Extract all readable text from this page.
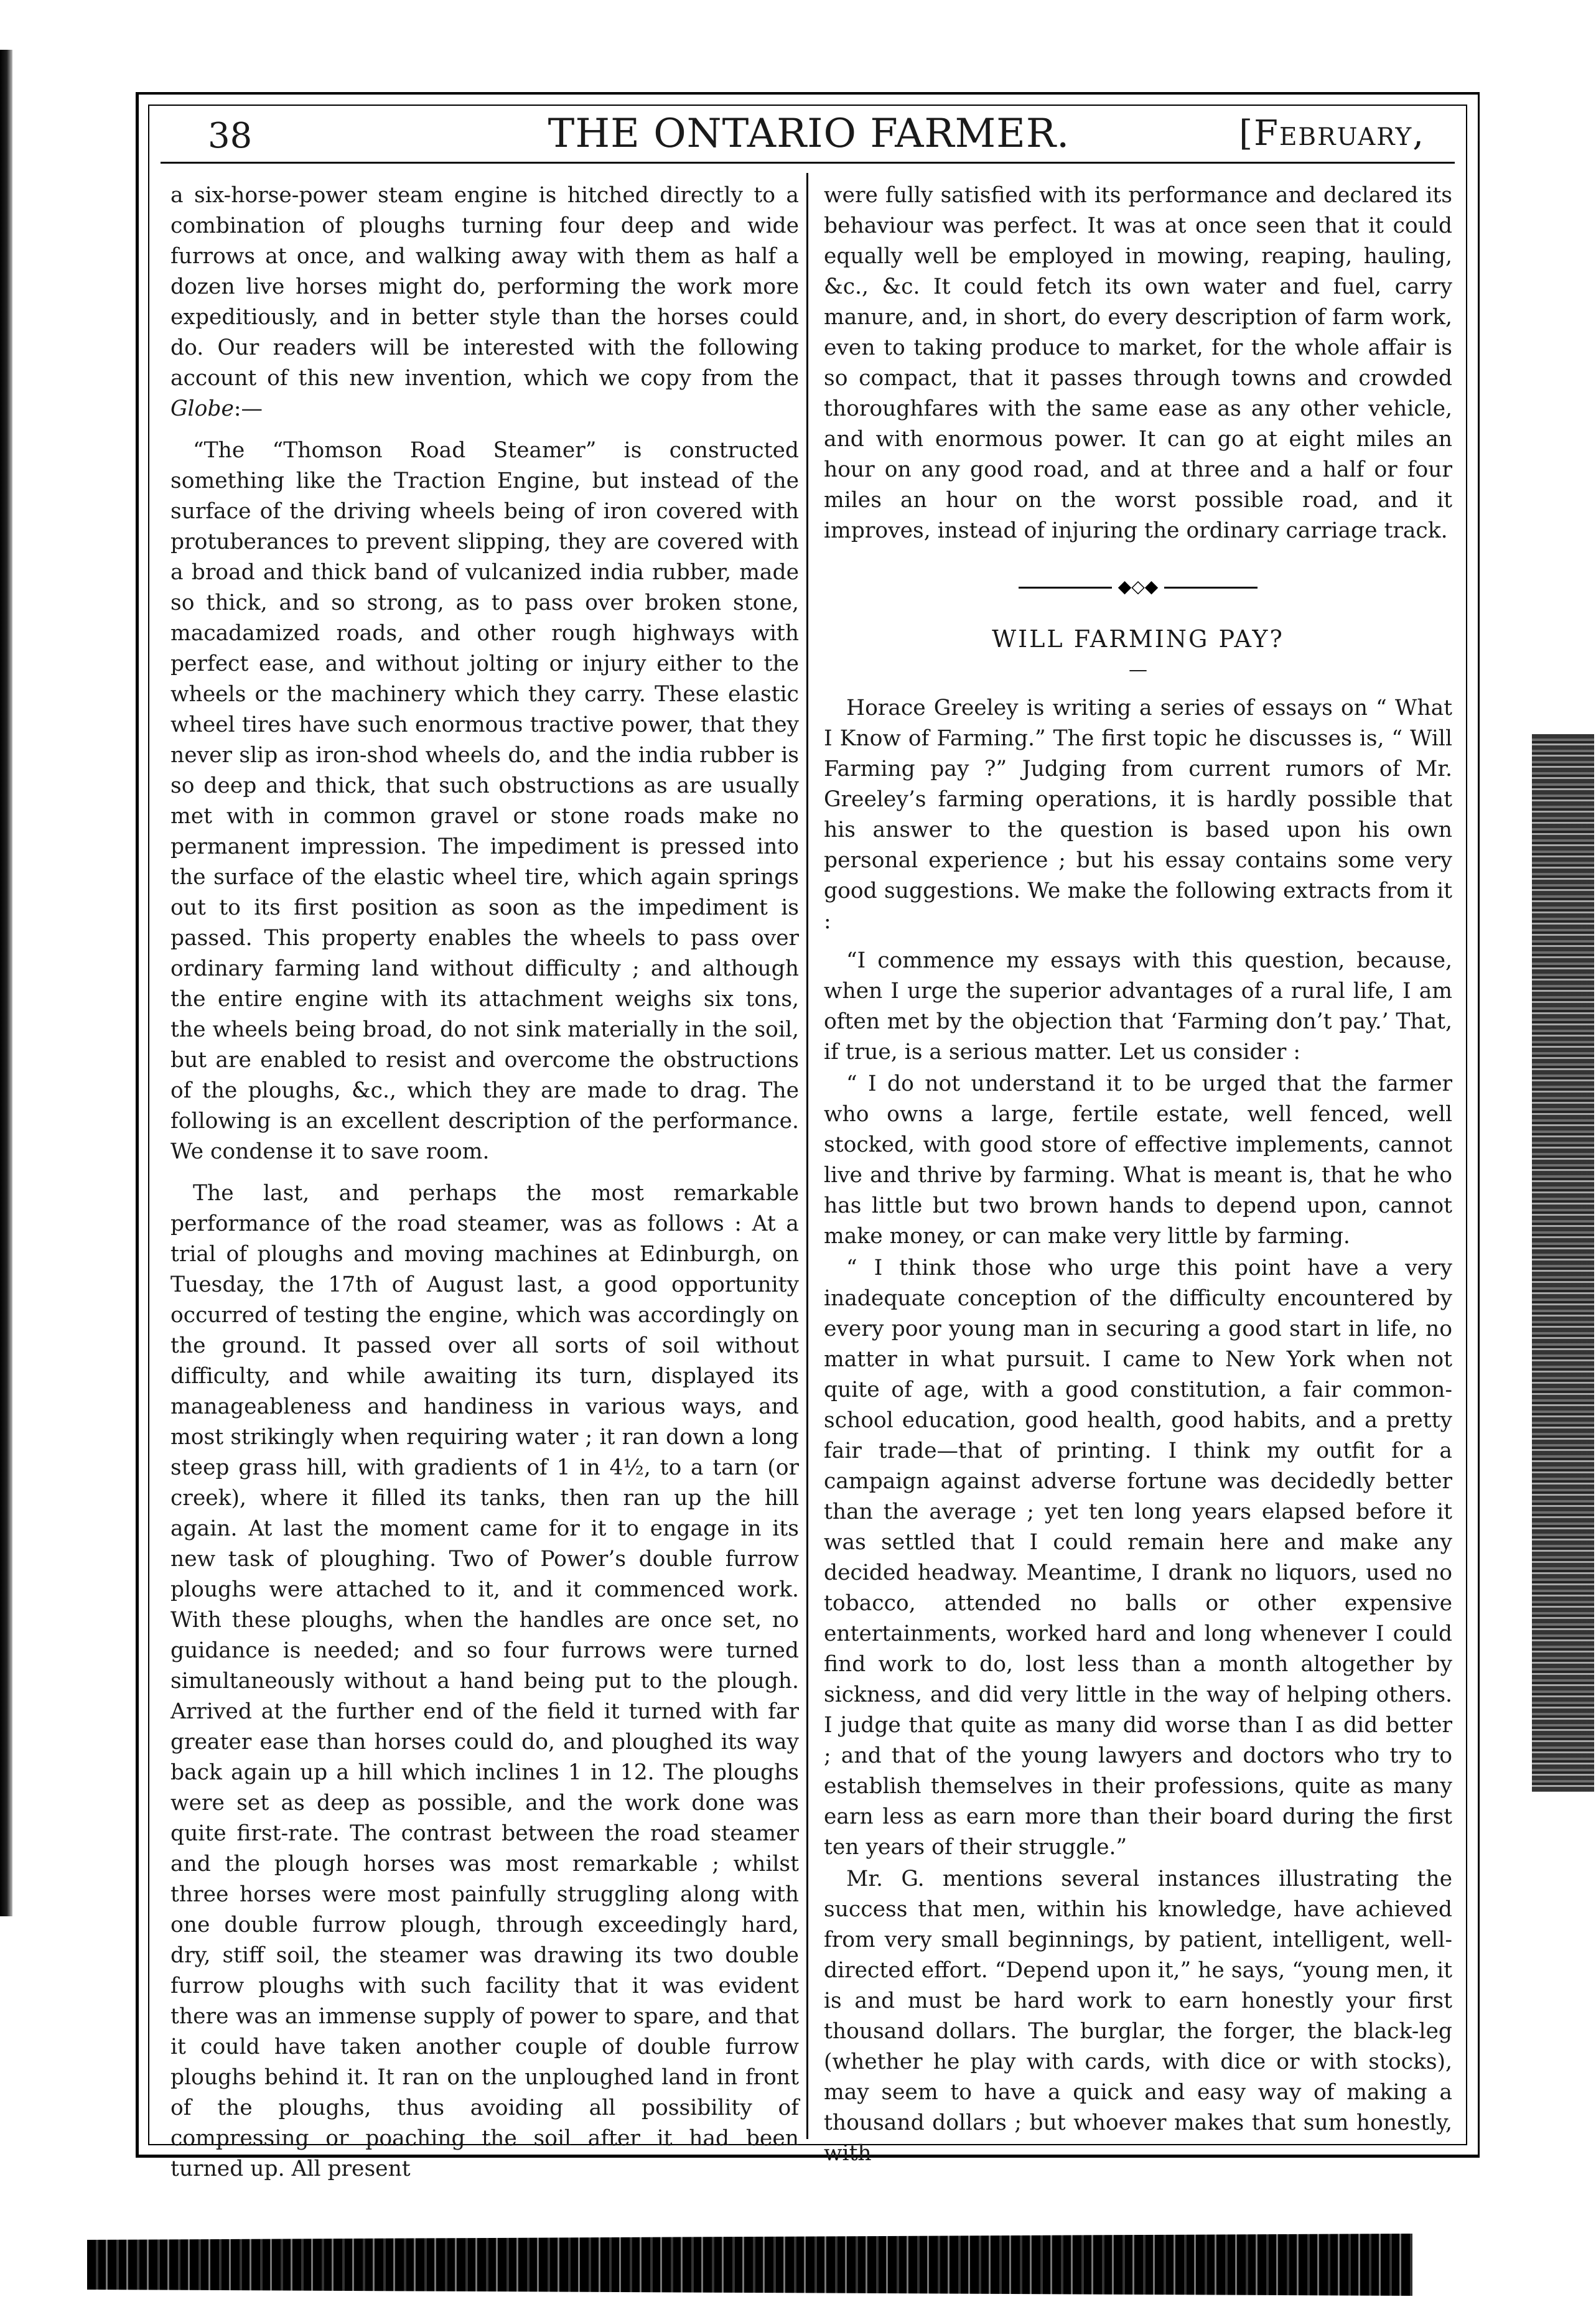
38	THE ONTARIO FARMER.	[February,

a six-horse-power steam engine is hitched directly to a combination of ploughs turning four deep and wide furrows at once, and walking away with them as half a dozen live horses might do, performing the work more expeditiously, and in better style than the horses could do. Our readers will be interested with the following account of this new invention, which we copy from the Globe:—

“The “Thomson Road Steamer” is constructed something like the Traction Engine, but instead of the surface of the driving wheels being of iron covered with protuberances to prevent slipping, they are covered with a broad and thick band of vulcanized india rubber, made so thick, and so strong, as to pass over broken stone, macadamized roads, and other rough highways with perfect ease, and without jolting or injury either to the wheels or the machinery which they carry. These elastic wheel tires have such enormous tractive power, that they never slip as iron-shod wheels do, and the india rubber is so deep and thick, that such obstructions as are usually met with in common gravel or stone roads make no permanent impression. The impediment is pressed into the surface of the elastic wheel tire, which again springs out to its first position as soon as the impediment is passed. This property enables the wheels to pass over ordinary farming land without difficulty ; and although the entire engine with its attachment weighs six tons, the wheels being broad, do not sink materially in the soil, but are enabled to resist and overcome the obstructions of the ploughs, &c., which they are made to drag. The following is an excellent description of the performance. We condense it to save room.

The last, and perhaps the most remarkable performance of the road steamer, was as follows : At a trial of ploughs and moving machines at Edinburgh, on Tuesday, the 17th of August last, a good opportunity occurred of testing the engine, which was accordingly on the ground. It passed over all sorts of soil without difficulty, and while awaiting its turn, displayed its manageableness and handiness in various ways, and most strikingly when requiring water ; it ran down a long steep grass hill, with gradients of 1 in 4½, to a tarn (or creek), where it filled its tanks, then ran up the hill again. At last the moment came for it to engage in its new task of ploughing. Two of Power’s double furrow ploughs were attached to it, and it commenced work. With these ploughs, when the handles are once set, no guidance is needed; and so four furrows were turned simultaneously without a hand being put to the plough. Arrived at the further end of the field it turned with far greater ease than horses could do, and ploughed its way back again up a hill which inclines 1 in 12. The ploughs were set as deep as possible, and the work done was quite first-rate. The contrast between the road steamer and the plough horses was most remarkable ; whilst three horses were most painfully struggling along with one double furrow plough, through exceedingly hard, dry, stiff soil, the steamer was drawing its two double furrow ploughs with such facility that it was evident there was an immense supply of power to spare, and that it could have taken another couple of double furrow ploughs behind it. It ran on the unploughed land in front of the ploughs, thus avoiding all possibility of compressing or poaching the soil after it had been turned up. All present

were fully satisfied with its performance and declared its behaviour was perfect. It was at once seen that it could equally well be employed in mowing, reaping, hauling, &c., &c. It could fetch its own water and fuel, carry manure, and, in short, do every description of farm work, even to taking produce to market, for the whole affair is so compact, that it passes through towns and crowded thoroughfares with the same ease as any other vehicle, and with enormous power. It can go at eight miles an hour on any good road, and at three and a half or four miles an hour on the worst possible road, and it improves, instead of injuring the ordinary carriage track.

◆◇◆
WILL FARMING PAY?
—

Horace Greeley is writing a series of essays on “ What I Know of Farming.” The first topic he discusses is, “ Will Farming pay ?” Judging from current rumors of Mr. Greeley’s farming operations, it is hardly possible that his answer to the question is based upon his own personal experience ; but his essay contains some very good suggestions. We make the following extracts from it :

“I commence my essays with this question, because, when I urge the superior advantages of a rural life, I am often met by the objection that ‘Farming don’t pay.’ That, if true, is a serious matter. Let us consider :

“ I do not understand it to be urged that the farmer who owns a large, fertile estate, well fenced, well stocked, with good store of effective implements, cannot live and thrive by farming. What is meant is, that he who has little but two brown hands to depend upon, cannot make money, or can make very little by farming.

“ I think those who urge this point have a very inadequate conception of the difficulty encountered by every poor young man in securing a good start in life, no matter in what pursuit. I came to New York when not quite of age, with a good constitution, a fair common-school education, good health, good habits, and a pretty fair trade—that of printing. I think my outfit for a campaign against adverse fortune was decidedly better than the average ; yet ten long years elapsed before it was settled that I could remain here and make any decided headway. Meantime, I drank no liquors, used no tobacco, attended no balls or other expensive entertainments, worked hard and long whenever I could find work to do, lost less than a month altogether by sickness, and did very little in the way of helping others. I judge that quite as many did worse than I as did better ; and that of the young lawyers and doctors who try to establish themselves in their professions, quite as many earn less as earn more than their board during the first ten years of their struggle.”

Mr. G. mentions several instances illustrating the success that men, within his knowledge, have achieved from very small beginnings, by patient, intelligent, well-directed effort. “Depend upon it,” he says, “young men, it is and must be hard work to earn honestly your first thousand dollars. The burglar, the forger, the black-leg (whether he play with cards, with dice or with stocks), may seem to have a quick and easy way of making a thousand dollars ; but whoever makes that sum honestly, with
